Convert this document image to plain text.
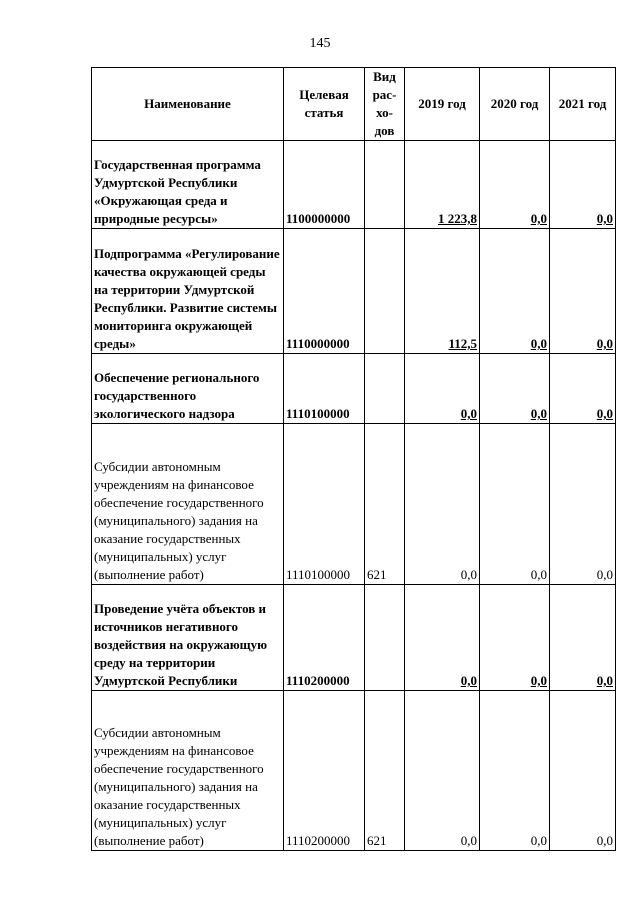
145
Наименование	Целевая статья	Вид рас-хо-дов	2019 год	2020 год	2021 год
Государственная программа Удмуртской Республики «Окружающая среда и природные ресурсы»	1100000000		1 223,8	0,0	0,0
Подпрограмма «Регулирование качества окружающей среды на территории Удмуртской Республики. Развитие системы мониторинга окружающей среды»	1110000000		112,5	0,0	0,0
Обеспечение регионального государственного экологического надзора	1110100000		0,0	0,0	0,0
Субсидии автономным учреждениям на финансовое обеспечение государственного (муниципального) задания на оказание государственных (муниципальных) услуг (выполнение работ)	1110100000	621	0,0	0,0	0,0
Проведение учёта объектов и источников негативного воздействия на окружающую среду на территории Удмуртской Республики	1110200000		0,0	0,0	0,0
Субсидии автономным учреждениям на финансовое обеспечение государственного (муниципального) задания на оказание государственных (муниципальных) услуг (выполнение работ)	1110200000	621	0,0	0,0	0,0
